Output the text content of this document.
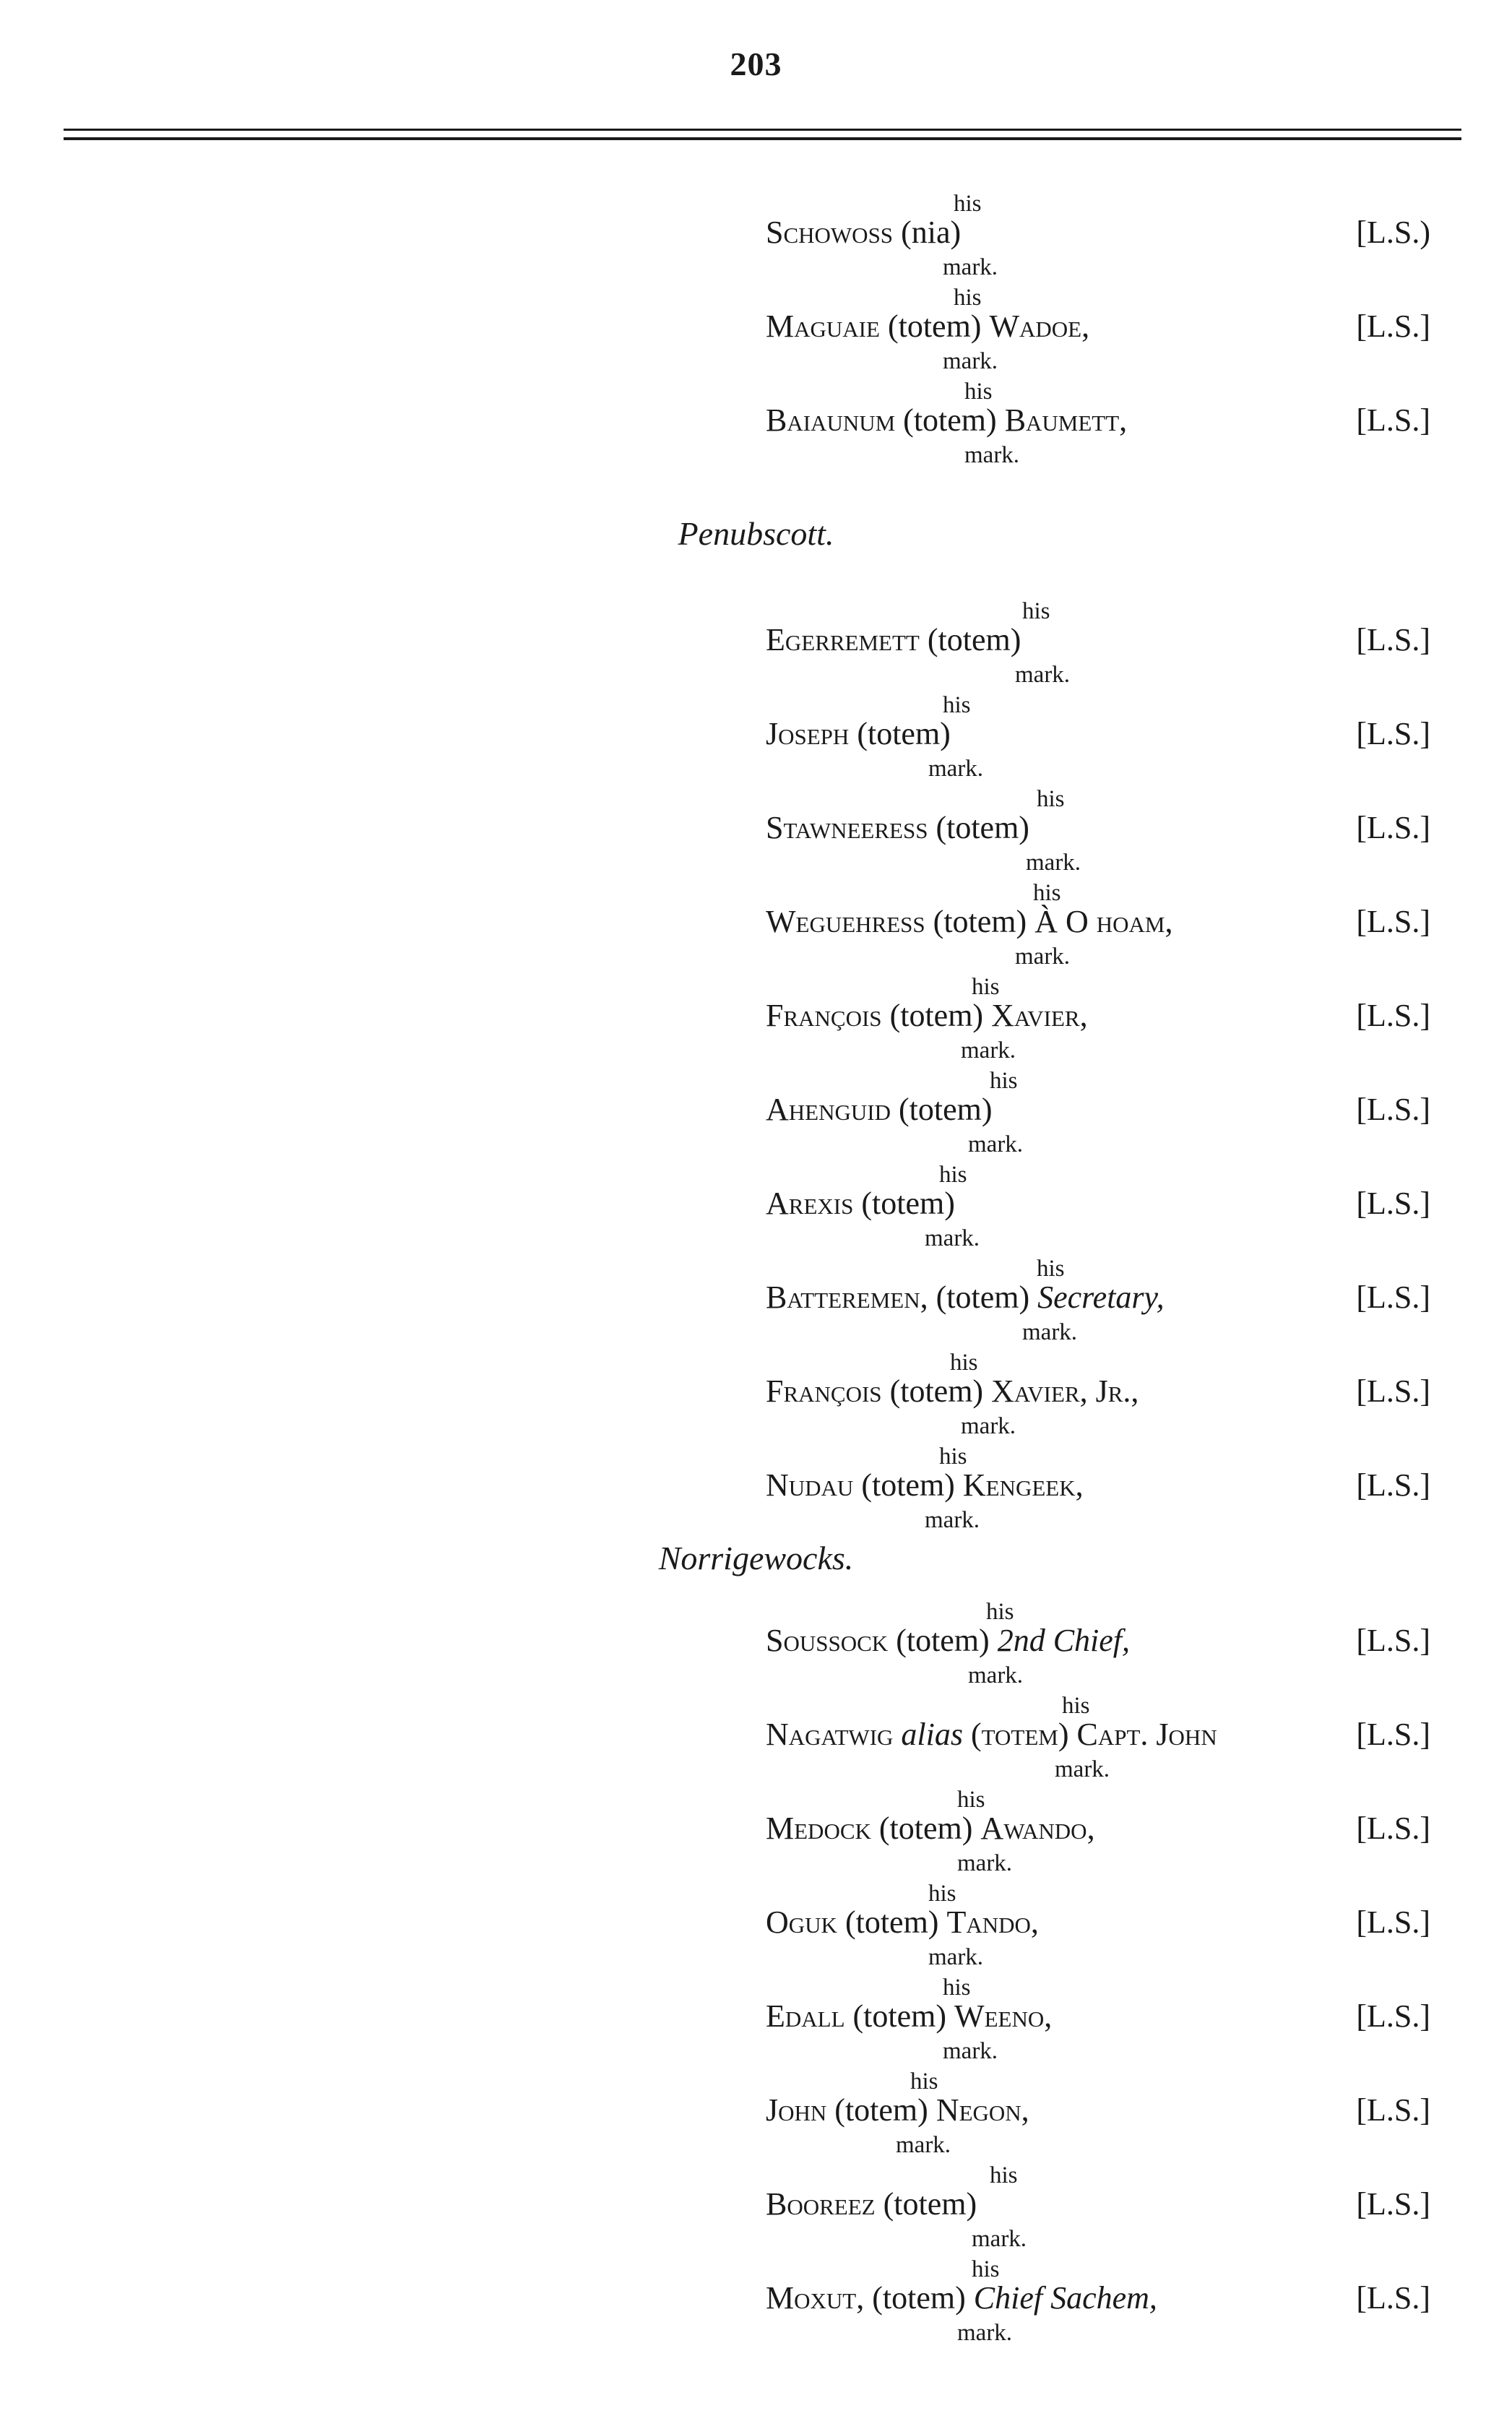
203
his
Schowoss (nia)	[L.S.)
mark.
his
Maguaie (totem) Wadoe,	[L.S.]
mark.
his
Baiaunum (totem) Baumett,	[L.S.]
mark.
his
Egerremett (totem)	[L.S.]
mark.
his
Joseph (totem)	[L.S.]
mark.
his
Stawneeress (totem)	[L.S.]
mark.
his
Weguehress (totem) À O hoam,	[L.S.]
mark.
his
François (totem) Xavier,	[L.S.]
mark.
his
Ahenguid (totem)	[L.S.]
mark.
his
Arexis (totem)	[L.S.]
mark.
his
Batteremen, (totem) Secretary,	[L.S.]
mark.
his
François (totem) Xavier, Jr.,	[L.S.]
mark.
his
Nudau (totem) Kengeek,	[L.S.]
mark.
his
Soussock (totem) 2nd Chief,	[L.S.]
mark.
his
Nagatwig alias (totem) Capt. John	[L.S.]
mark.
his
Medock (totem) Awando,	[L.S.]
mark.
his
Oguk (totem) Tando,	[L.S.]
mark.
his
Edall (totem) Weeno,	[L.S.]
mark.
his
John (totem) Negon,	[L.S.]
mark.
his
Booreez (totem)	[L.S.]
mark.
his
Moxut, (totem) Chief Sachem,	[L.S.]
mark.
Penubscott.
Norrigewocks.
